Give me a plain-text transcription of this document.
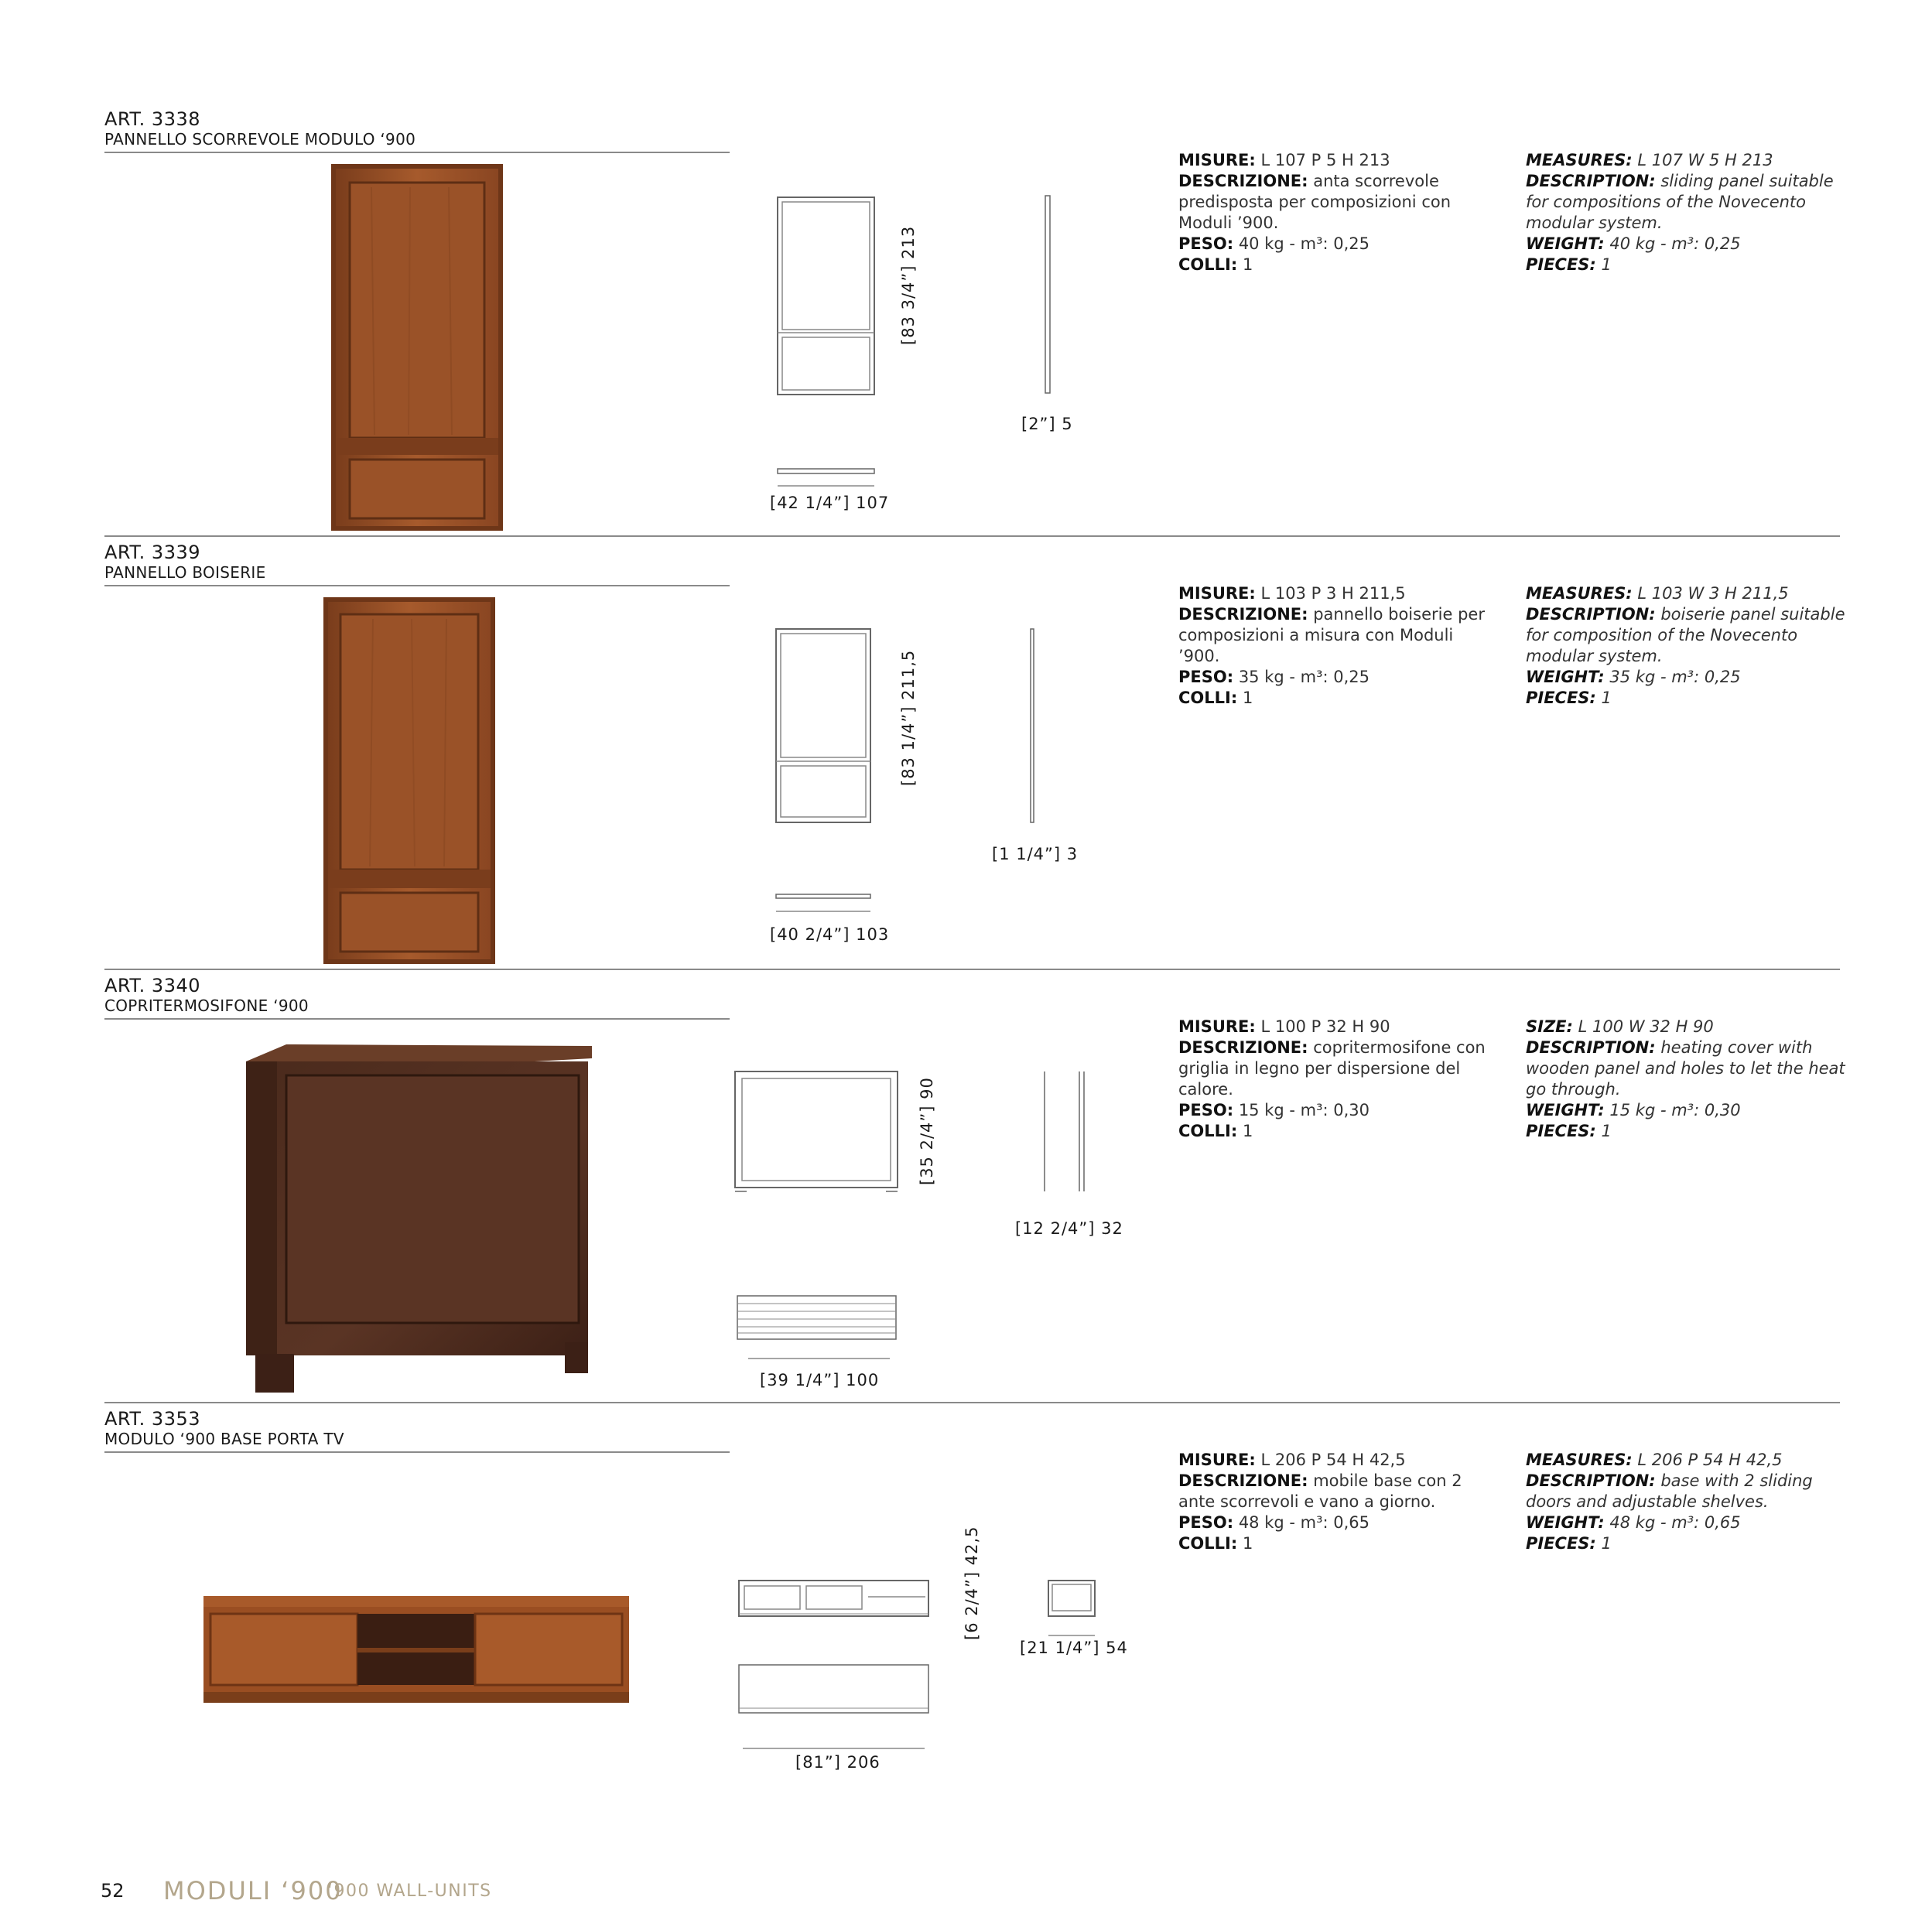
ART. 3338
PANNELLO SCORREVOLE MODULO ‘900
[83 3/4”] 213
[2”] 5
[42 1/4”] 107
MISURE: L 107 P 5 H 213
DESCRIZIONE: anta scorrevole predisposta per composizioni con Moduli ’900.
PESO: 40 kg - m³: 0,25
COLLI: 1
MEASURES: L 107 W 5 H 213
DESCRIPTION: sliding panel suitable for compositions of the Novecento modular system.
WEIGHT: 40 kg - m³: 0,25
PIECES: 1
ART. 3339
PANNELLO BOISERIE
[83 1/4”] 211,5
[1 1/4”] 3
[40 2/4”] 103
MISURE: L 103 P 3 H 211,5
DESCRIZIONE: pannello boiserie per composizioni a misura con Moduli ’900.
PESO: 35 kg - m³: 0,25
COLLI: 1
MEASURES: L 103 W 3 H 211,5
DESCRIPTION: boiserie panel suitable for composition of the Novecento modular system.
WEIGHT: 35 kg - m³: 0,25
PIECES: 1
ART. 3340
COPRITERMOSIFONE ‘900
[35 2/4”] 90
[12 2/4”] 32
[39 1/4”] 100
MISURE: L 100 P 32 H 90
DESCRIZIONE: copritermosifone con griglia in legno per dispersione del calore.
PESO: 15 kg - m³: 0,30
COLLI: 1
SIZE: L 100 W 32 H 90
DESCRIPTION: heating cover with wooden panel and holes to let the heat go through.
WEIGHT: 15 kg - m³: 0,30
PIECES: 1
ART. 3353
MODULO ‘900 BASE PORTA TV
[6 2/4”] 42,5
[21 1/4”] 54
[81”] 206
MISURE: L 206 P 54 H 42,5
DESCRIZIONE: mobile base con 2 ante scorrevoli e vano a giorno.
PESO: 48 kg - m³: 0,65
COLLI: 1
MEASURES: L 206 P 54 H 42,5
DESCRIPTION: base with 2 sliding doors and adjustable shelves.
WEIGHT: 48 kg - m³: 0,65
PIECES: 1
52 MODULI ‘900
‘900 WALL-UNITS
